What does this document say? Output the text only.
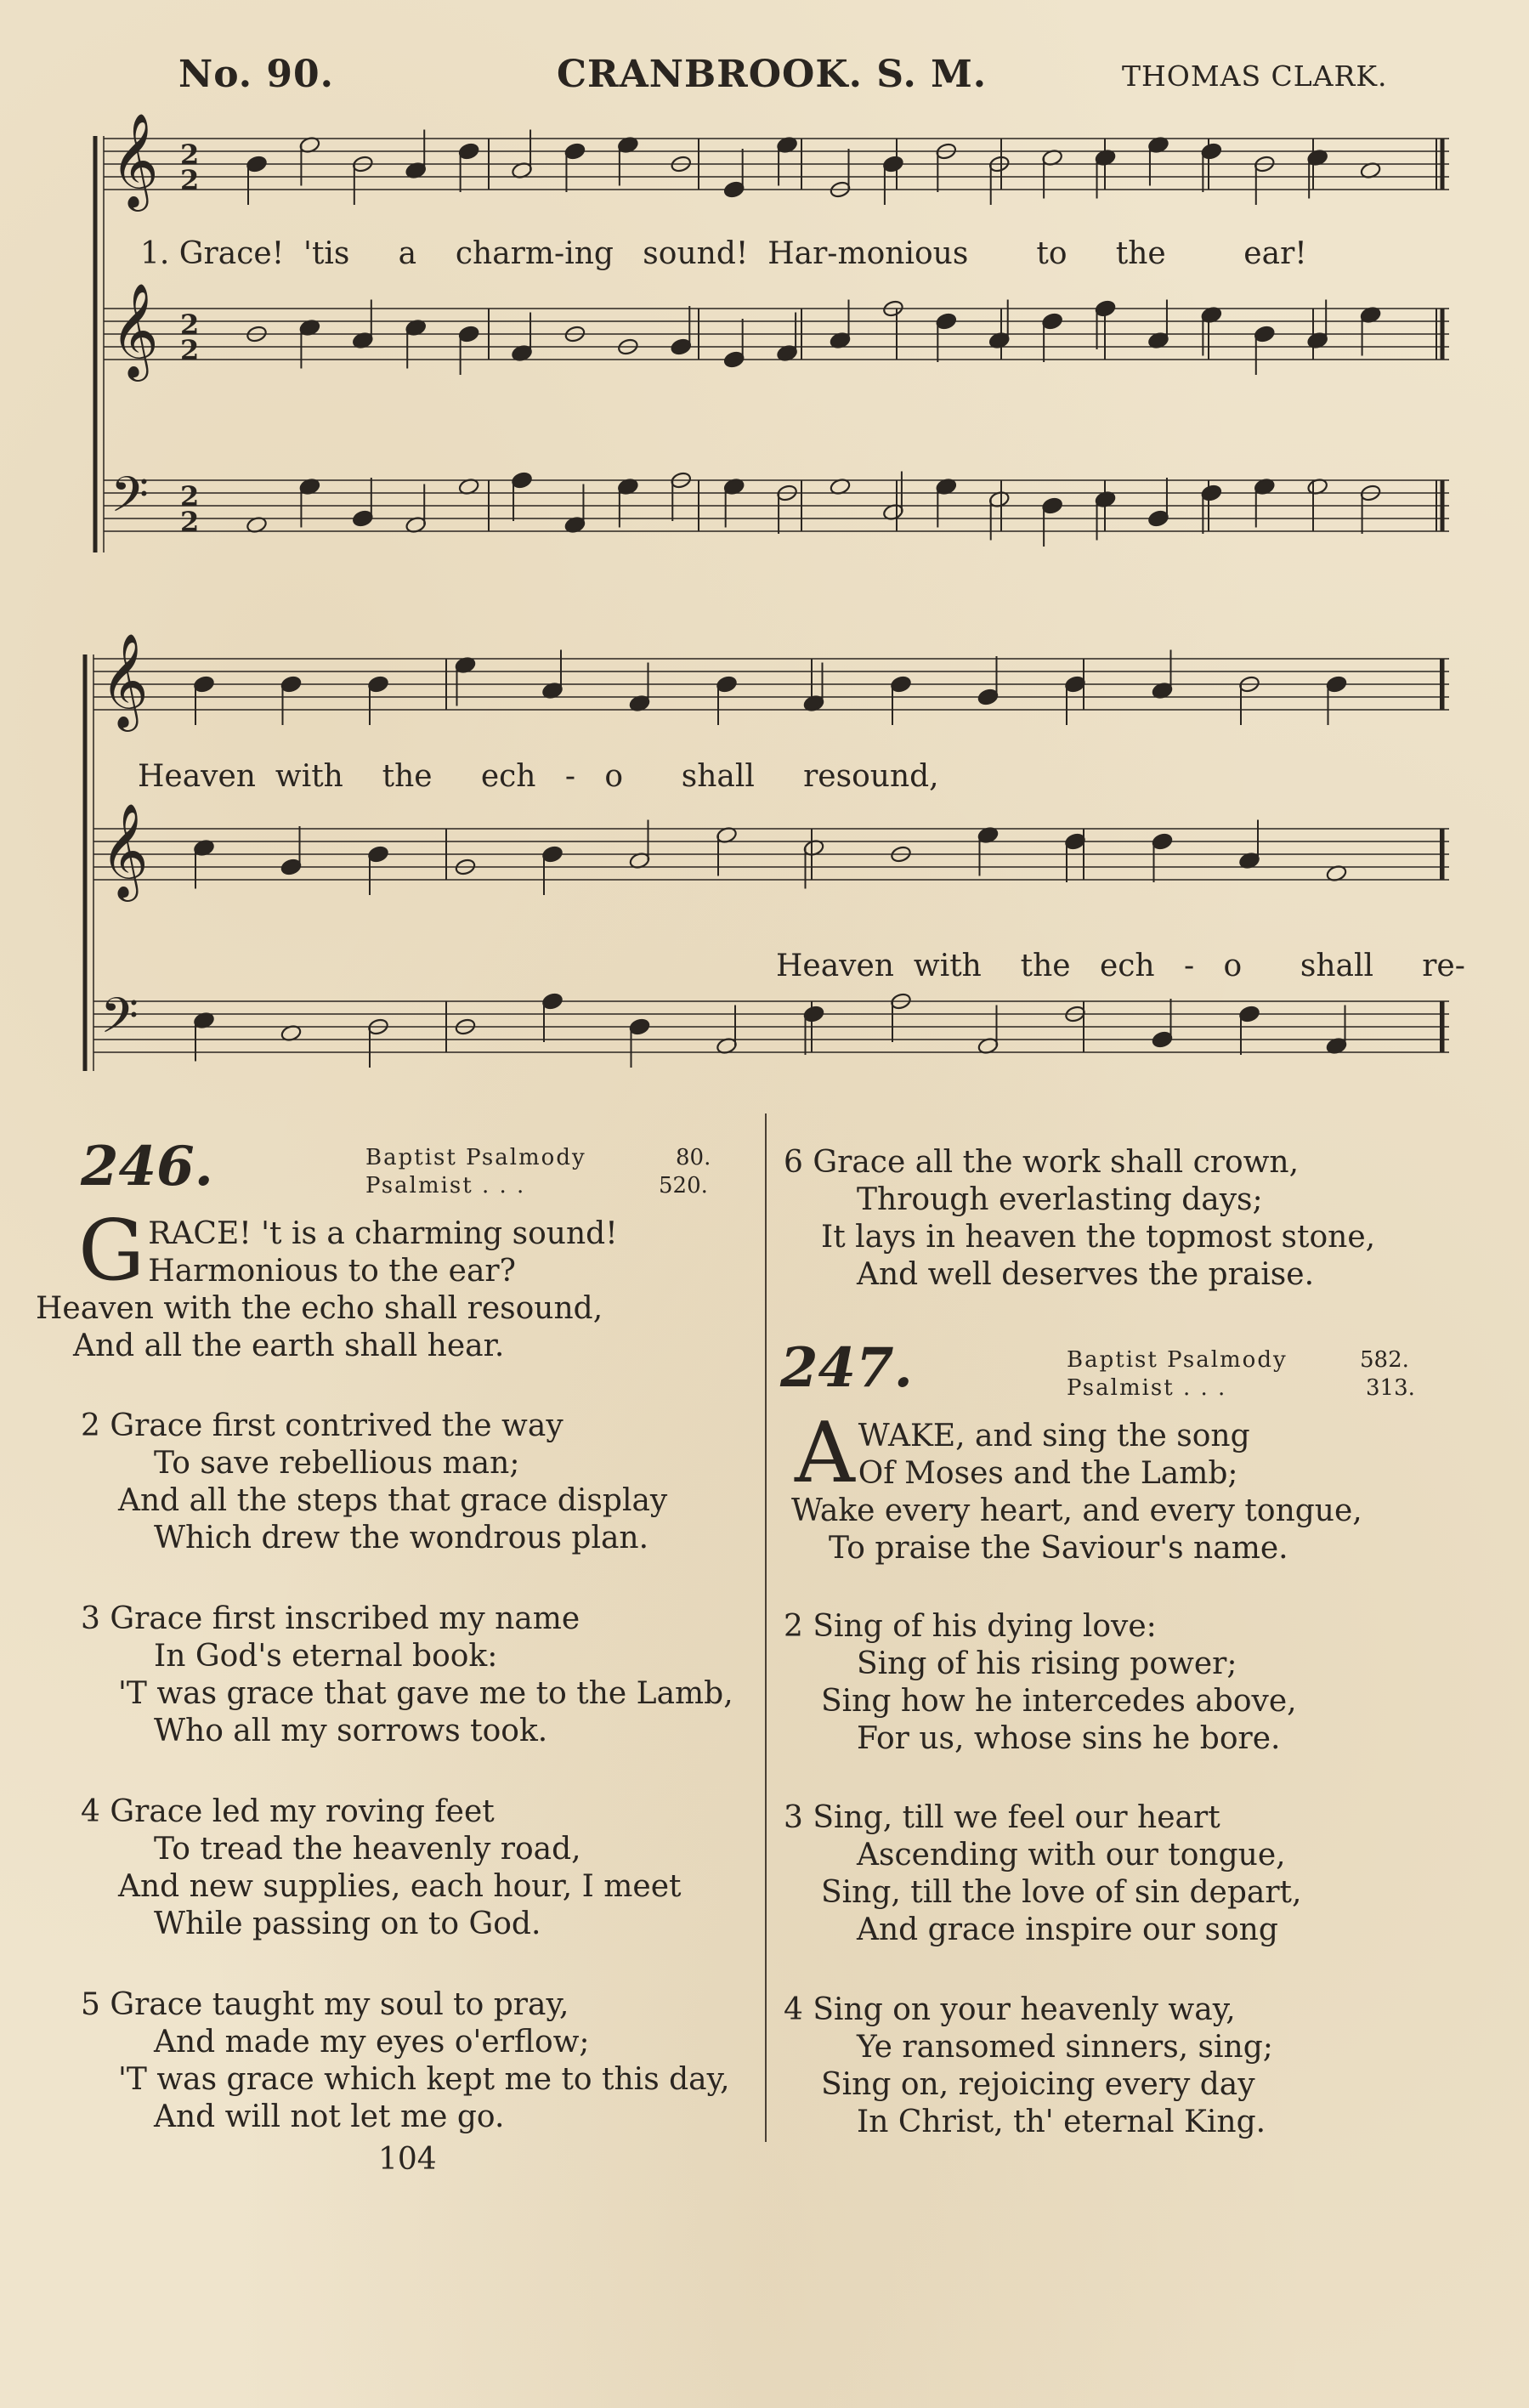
No. 90.	CRANBROOK. S. M.	THOMAS CLARK.
𝄞 2
2
𝄞 2
2
𝄢 2
2
𝄞
𝄞
𝄢
1. Grace! 'tis a charm-ing sound! Har-monious to the	ear!
Heaven with the ech - o shall resound,
Heaven with the ech - o shall re-
246.	Baptist Psalmody	80.
Psalmist . . .	520.
G RACE! 't is a charming sound!
Harmonious to the ear?
Heaven with the echo shall resound,
And all the earth shall hear.
2 Grace first contrived the way
To save rebellious man;
And all the steps that grace display
Which drew the wondrous plan.
3 Grace first inscribed my name
In God's eternal book:
'T was grace that gave me to the Lamb,
Who all my sorrows took.
4 Grace led my roving feet
To tread the heavenly road,
And new supplies, each hour, I meet
While passing on to God.
5 Grace taught my soul to pray,
And made my eyes o'erflow;
'T was grace which kept me to this day,
And will not let me go.
104
6 Grace all the work shall crown,
Through everlasting days;
It lays in heaven the topmost stone,
And well deserves the praise.
247.	Baptist Psalmody	582.
Psalmist . . .	313.
A WAKE, and sing the song
Of Moses and the Lamb;
Wake every heart, and every tongue,
To praise the Saviour's name.
2 Sing of his dying love:
Sing of his rising power;
Sing how he intercedes above,
For us, whose sins he bore.
3 Sing, till we feel our heart
Ascending with our tongue,
Sing, till the love of sin depart,
And grace inspire our song
4 Sing on your heavenly way,
Ye ransomed sinners, sing;
Sing on, rejoicing every day
In Christ, th' eternal King.
